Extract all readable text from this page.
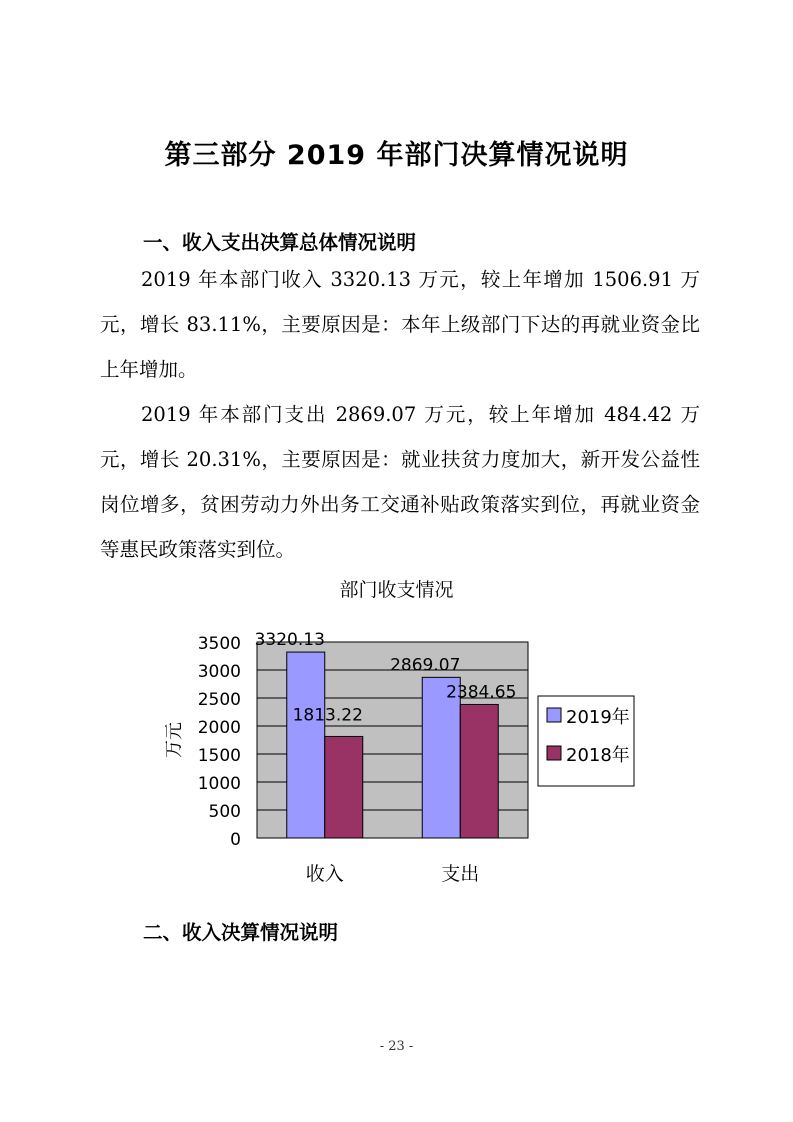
第三部分 2019 年部门决算情况说明
一、收入支出决算总体情况说明

2019 年本部门收入 3320.13 万元，较上年增加 1506.91 万元，增长 83.11%，主要原因是：本年上级部门下达的再就业资金比上年增加。

2019 年本部门支出 2869.07 万元，较上年增加 484.42 万元，增长 20.31%，主要原因是：就业扶贫力度加大，新开发公益性岗位增多，贫困劳动力外出务工交通补贴政策落实到位，再就业资金等惠民政策落实到位。

部门收支情况
0
500
1000
1500
2000
2500
3000
3500 3320.13
1813.22
2869.07
2384.65
收入	支出
万元
2019年
2018年
二、收入决算情况说明
- 23 -
